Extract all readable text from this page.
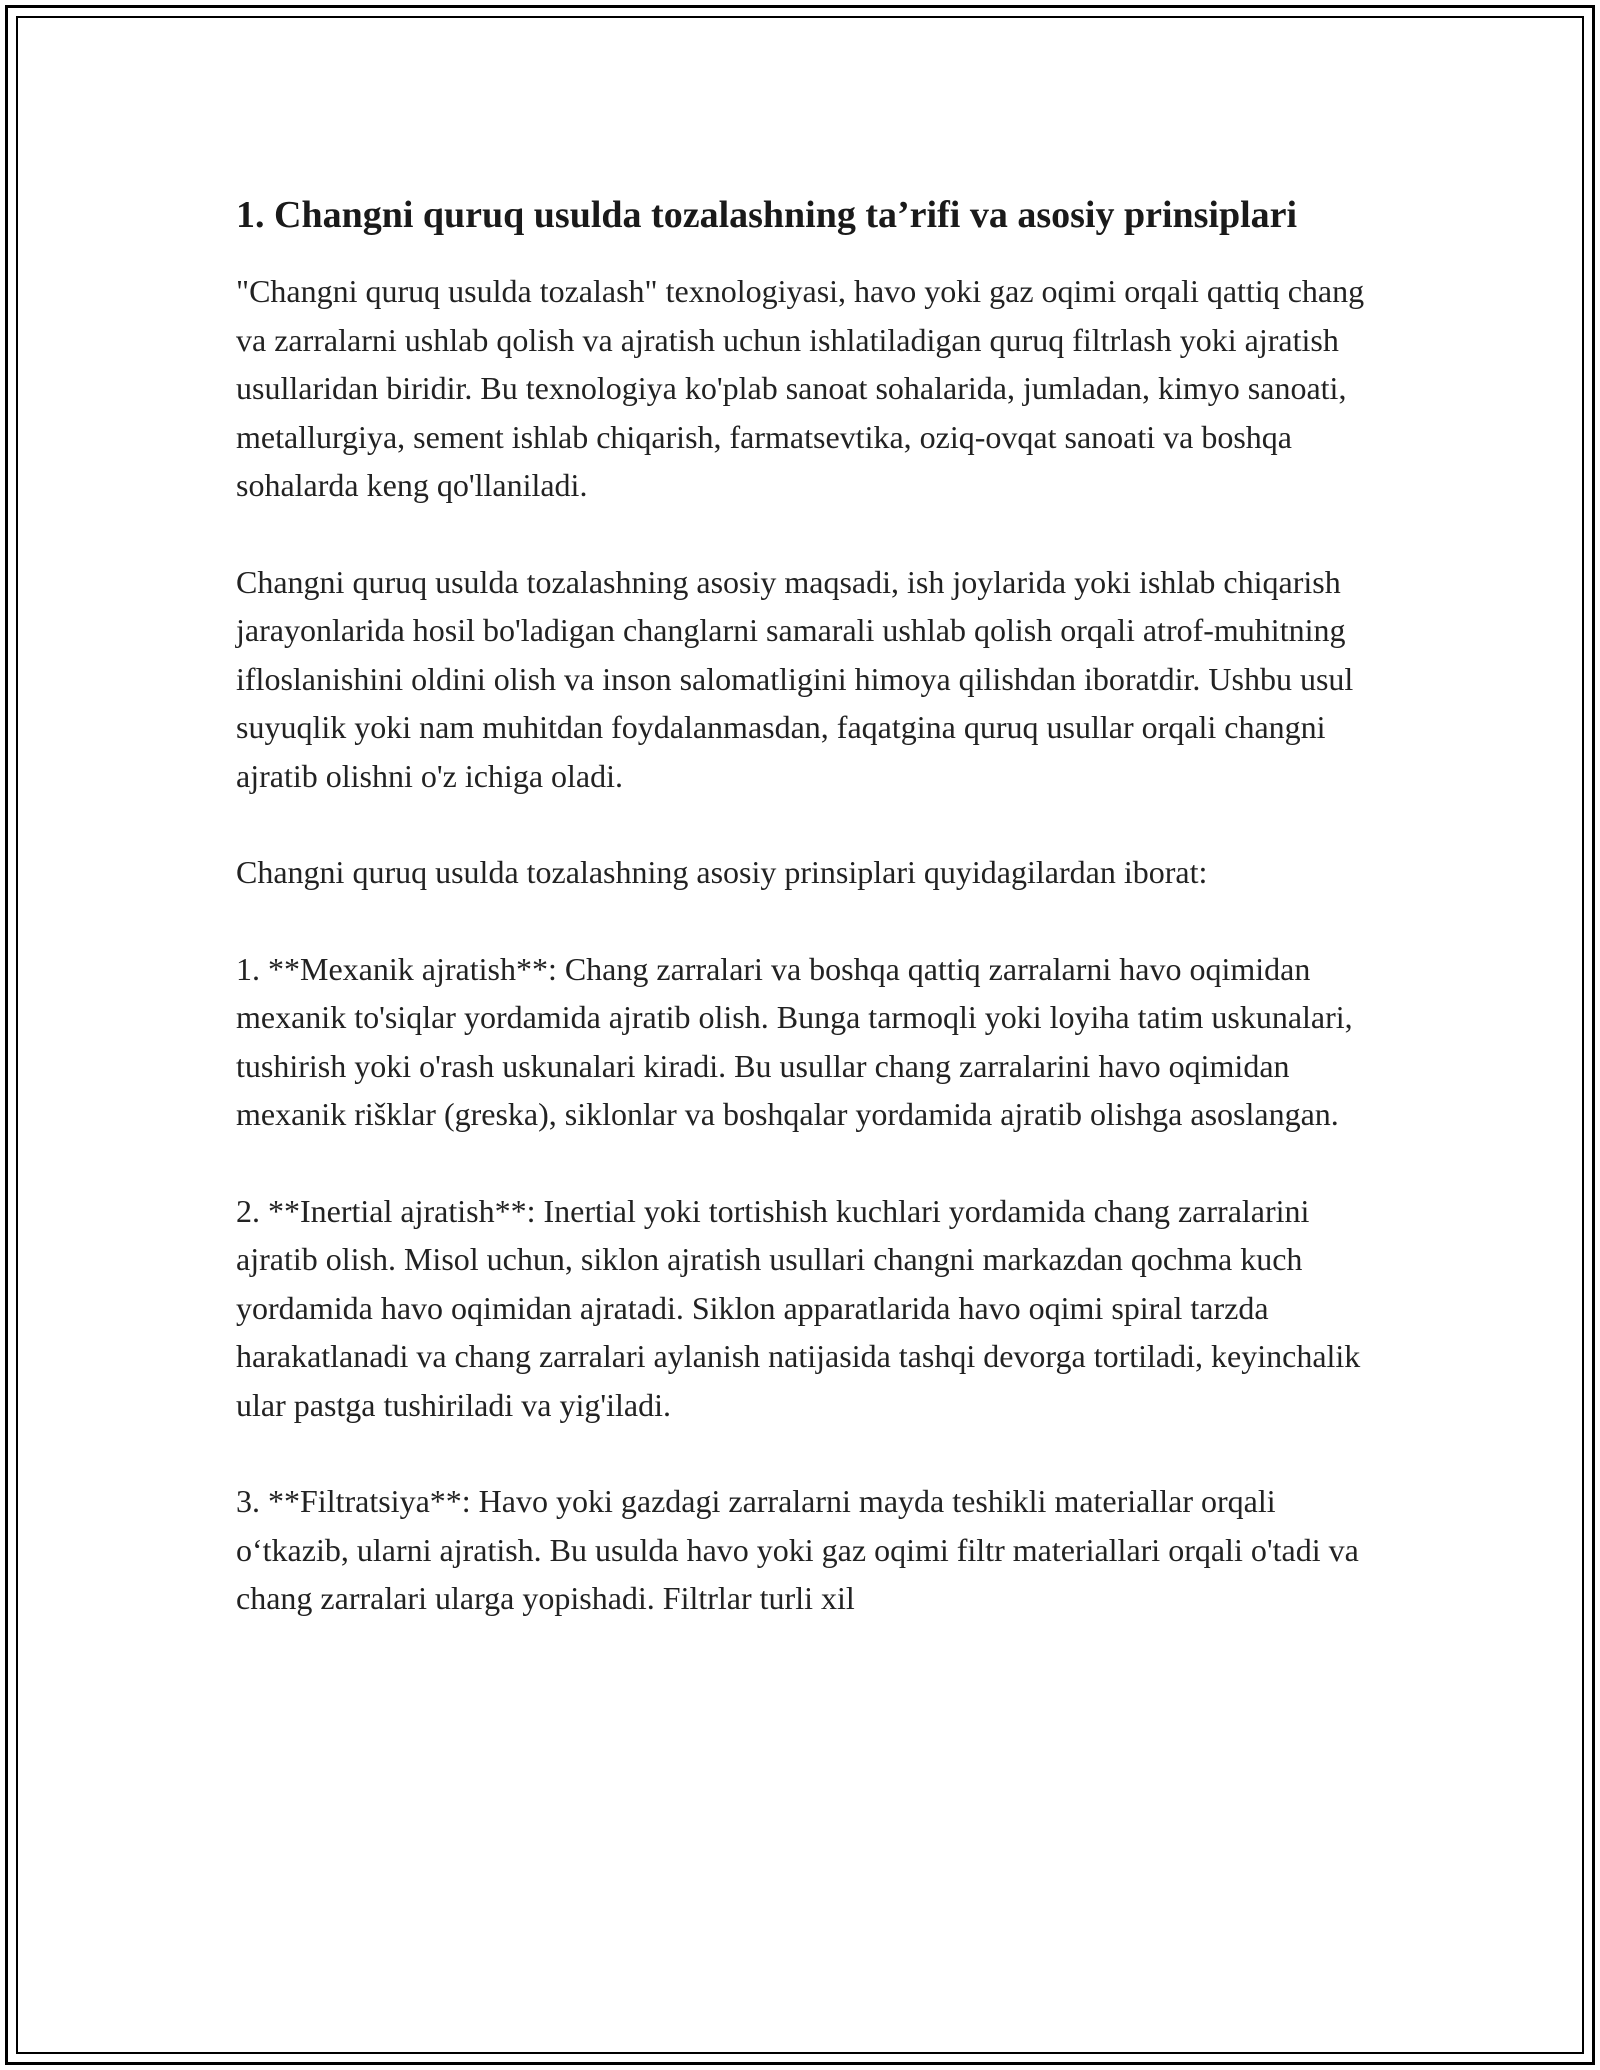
1. Changni quruq usulda tozalashning ta’rifi va asosiy prinsiplari

"Changni quruq usulda tozalash" texnologiyasi, havo yoki gaz oqimi orqali qattiq chang va zarralarni ushlab qolish va ajratish uchun ishlatiladigan quruq filtrlash yoki ajratish usullaridan biridir. Bu texnologiya ko'plab sanoat sohalarida, jumladan, kimyo sanoati, metallurgiya, sement ishlab chiqarish, farmatsevtika, oziq-ovqat sanoati va boshqa sohalarda keng qo'llaniladi.

Changni quruq usulda tozalashning asosiy maqsadi, ish joylarida yoki ishlab chiqarish jarayonlarida hosil bo'ladigan changlarni samarali ushlab qolish orqali atrof-muhitning ifloslanishini oldini olish va inson salomatligini himoya qilishdan iboratdir. Ushbu usul suyuqlik yoki nam muhitdan foydalanmasdan, faqatgina quruq usullar orqali changni ajratib olishni o'z ichiga oladi.

Changni quruq usulda tozalashning asosiy prinsiplari quyidagilardan iborat:

1. **Mexanik ajratish**: Chang zarralari va boshqa qattiq zarralarni havo oqimidan mexanik to'siqlar yordamida ajratib olish. Bunga tarmoqli yoki loyiha tatim uskunalari, tushirish yoki o'rash uskunalari kiradi. Bu usullar chang zarralarini havo oqimidan mexanik rišklar (greska), siklonlar va boshqalar yordamida ajratib olishga asoslangan.

2. **Inertial ajratish**: Inertial yoki tortishish kuchlari yordamida chang zarralarini ajratib olish. Misol uchun, siklon ajratish usullari changni markazdan qochma kuch yordamida havo oqimidan ajratadi. Siklon apparatlarida havo oqimi spiral tarzda harakatlanadi va chang zarralari aylanish natijasida tashqi devorga tortiladi, keyinchalik ular pastga tushiriladi va yig'iladi.

3. **Filtratsiya**: Havo yoki gazdagi zarralarni mayda teshikli materiallar orqali o‘tkazib, ularni ajratish. Bu usulda havo yoki gaz oqimi filtr materiallari orqali o'tadi va chang zarralari ularga yopishadi. Filtrlar turli xil
